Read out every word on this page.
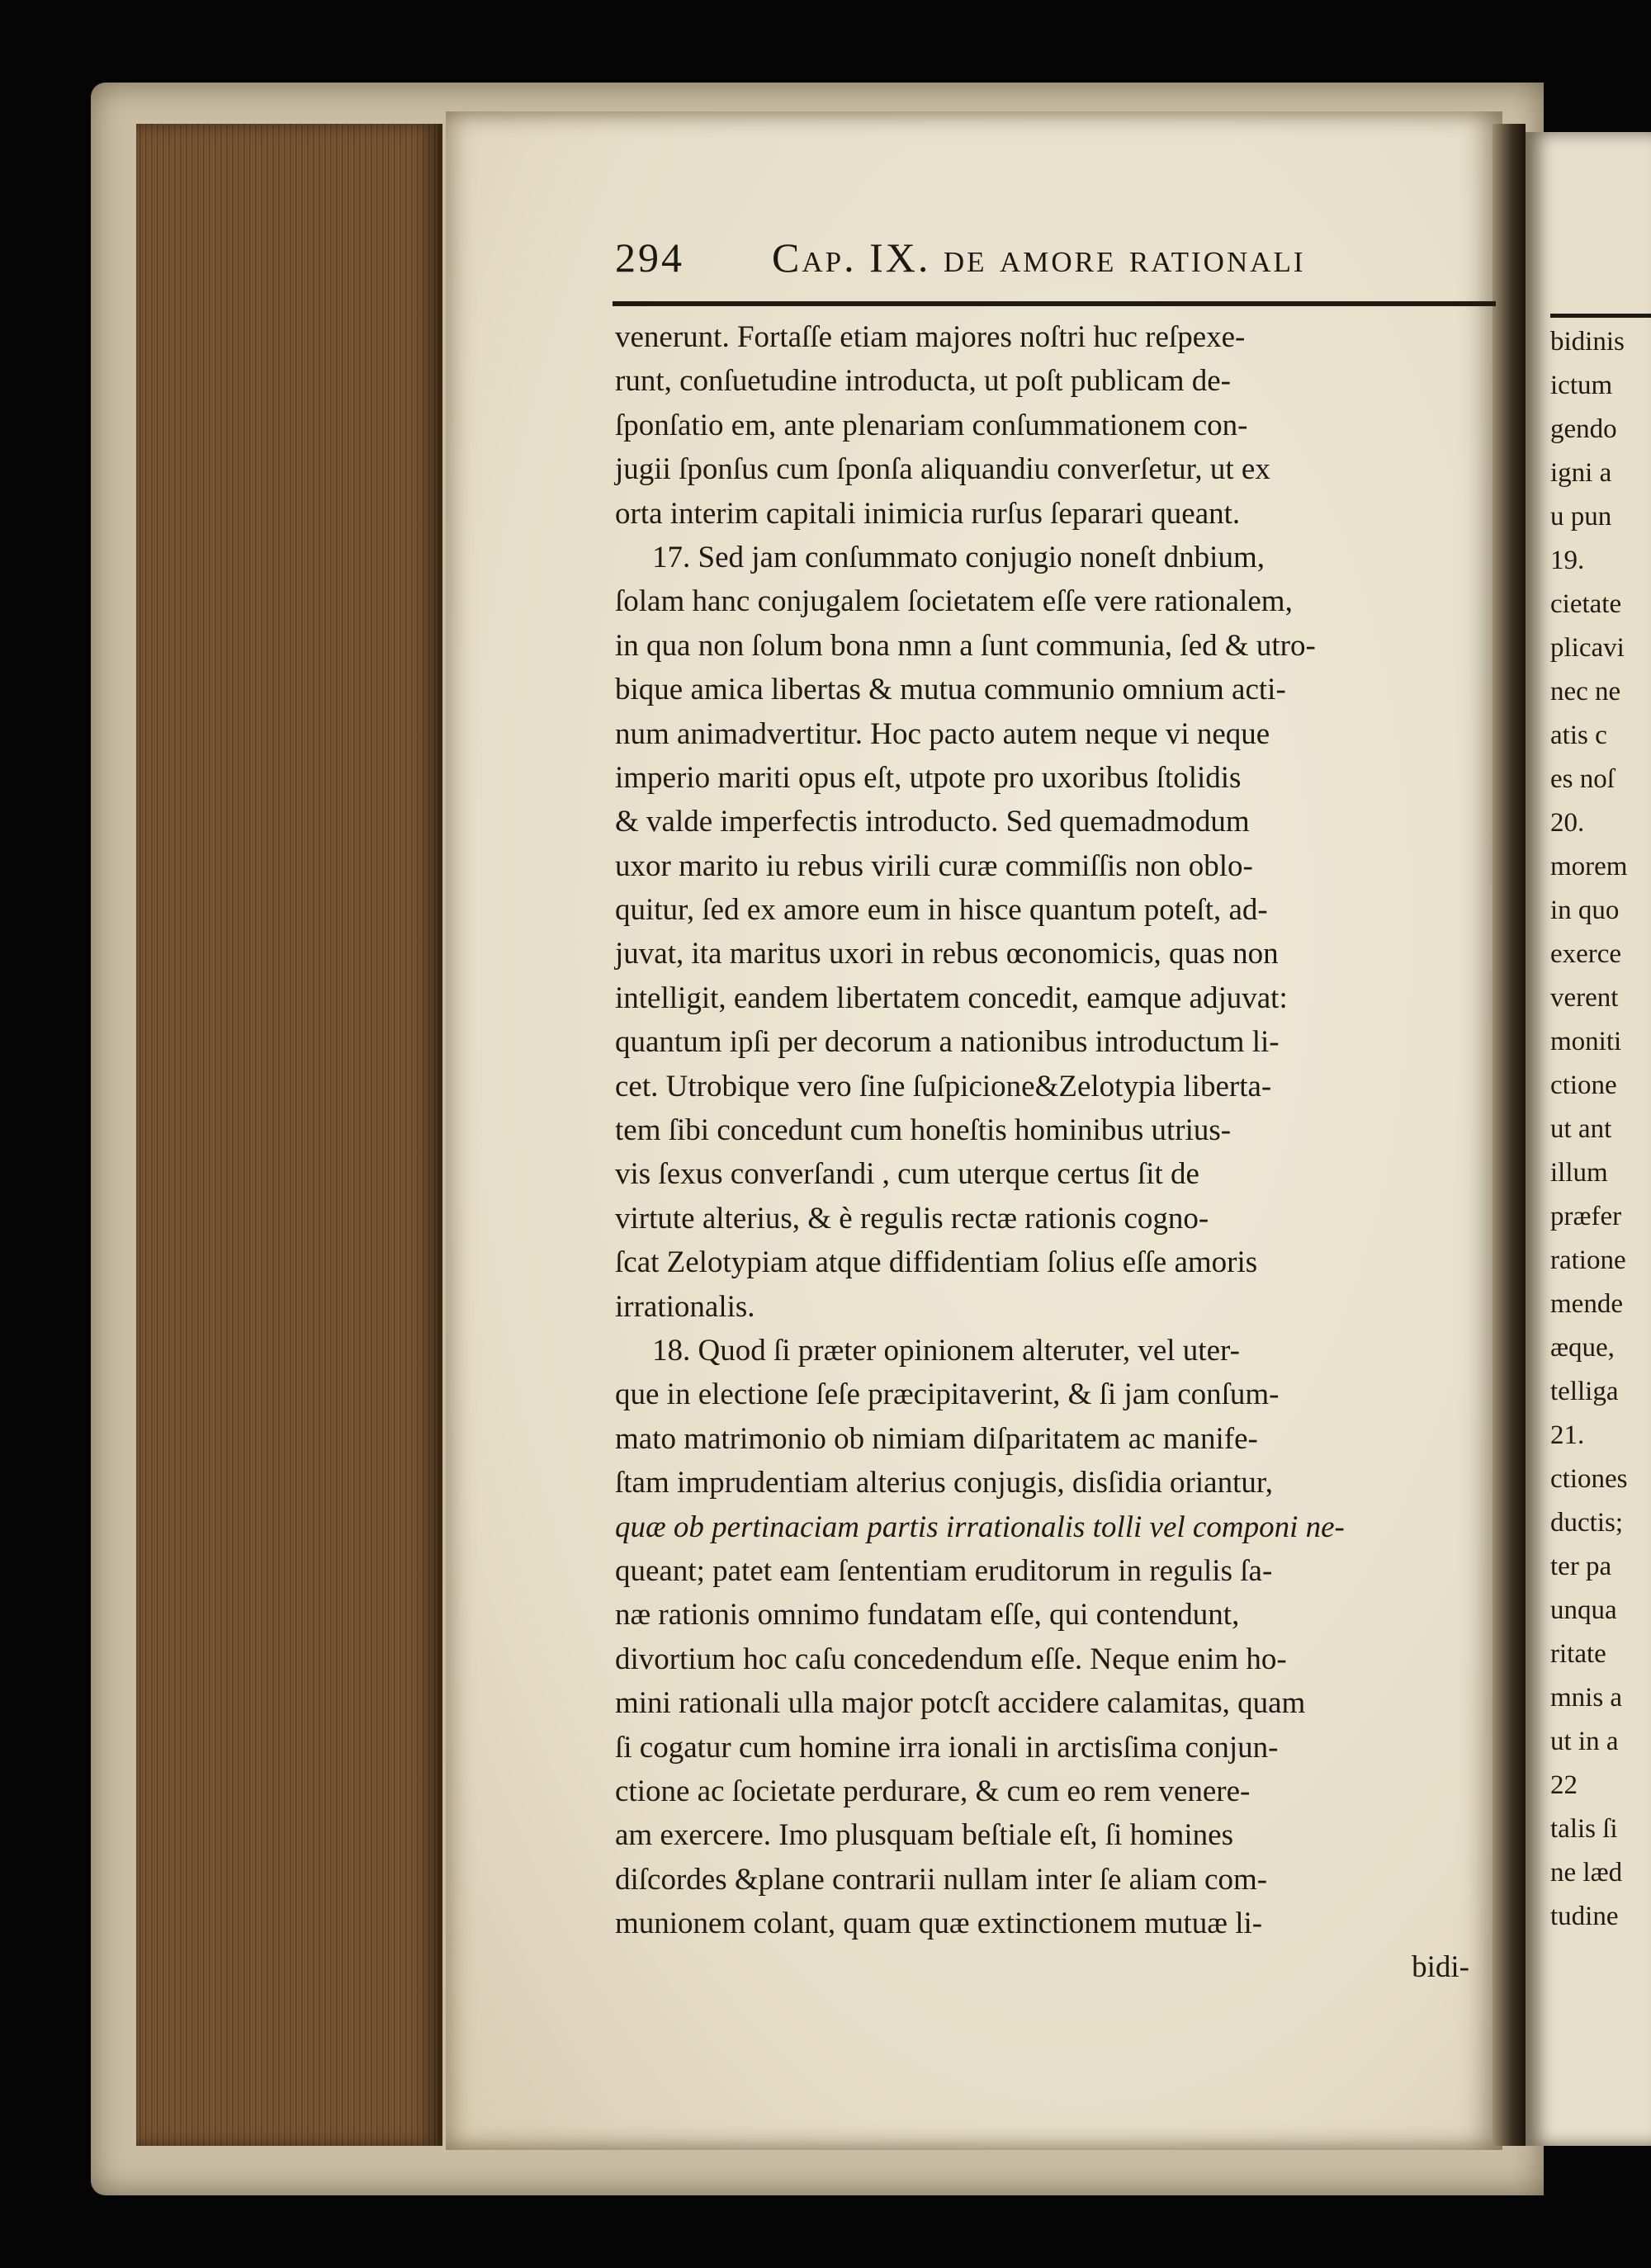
bidinis
ictum
gendo
igni a
u pun
19.
cietate
plicavi
nec ne
atis c
es noſ
20.
morem
in quo
exerce
verent
moniti
ctione
ut ant
illum
præfer
ratione
mende
æque,
telliga
21.
ctiones
ductis;
ter pa
unqua
ritate
mnis a
ut in a
22
talis ſi
ne læd
tudine
294 Cap. IX. de amore rationali
venerunt. Fortaſſe etiam majores noſtri huc reſpexe-
runt, conſuetudine introducta, ut poſt publicam de-
ſponſatio em, ante plenariam conſummationem con-
jugii ſponſus cum ſponſa aliquandiu converſetur, ut ex
orta interim capitali inimicia rurſus ſeparari queant.
17. Sed jam conſummato conjugio noneſt dnbium,
ſolam hanc conjugalem ſocietatem eſſe vere rationalem,
in qua non ſolum bona nmn a ſunt communia, ſed & utro-
bique amica libertas & mutua communio omnium acti-
num animadvertitur. Hoc pacto autem neque vi neque
imperio mariti opus eſt, utpote pro uxoribus ſtolidis
& valde imperfectis introducto. Sed quemadmodum
uxor marito iu rebus virili curæ commiſſis non oblo-
quitur, ſed ex amore eum in hisce quantum poteſt, ad-
juvat, ita maritus uxori in rebus œconomicis, quas non
intelligit, eandem libertatem concedit, eamque adjuvat:
quantum ipſi per decorum a nationibus introductum li-
cet. Utrobique vero ſine ſuſpicione&Zelotypia liberta-
tem ſibi concedunt cum honeſtis hominibus utrius-
vis ſexus converſandi , cum uterque certus ſit de
virtute alterius, & è regulis rectæ rationis cogno-
ſcat Zelotypiam atque diffidentiam ſolius eſſe amoris
irrationalis.
18. Quod ſi præter opinionem alteruter, vel uter-
que in electione ſeſe præcipitaverint, & ſi jam conſum-
mato matrimonio ob nimiam diſparitatem ac manife-
ſtam imprudentiam alterius conjugis, disſidia oriantur,
quæ ob pertinaciam partis irrationalis tolli vel componi ne-
queant; patet eam ſententiam eruditorum in regulis ſa-
næ rationis omnimo fundatam eſſe, qui contendunt,
divortium hoc caſu concedendum eſſe. Neque enim ho-
mini rationali ulla major potcſt accidere calamitas, quam
ſi cogatur cum homine irra ionali in arctisſima conjun-
ctione ac ſocietate perdurare, & cum eo rem venere-
am exercere. Imo plusquam beſtiale eſt, ſi homines
diſcordes &plane contrarii nullam inter ſe aliam com-
munionem colant, quam quæ extinctionem mutuæ li-
bidi-
